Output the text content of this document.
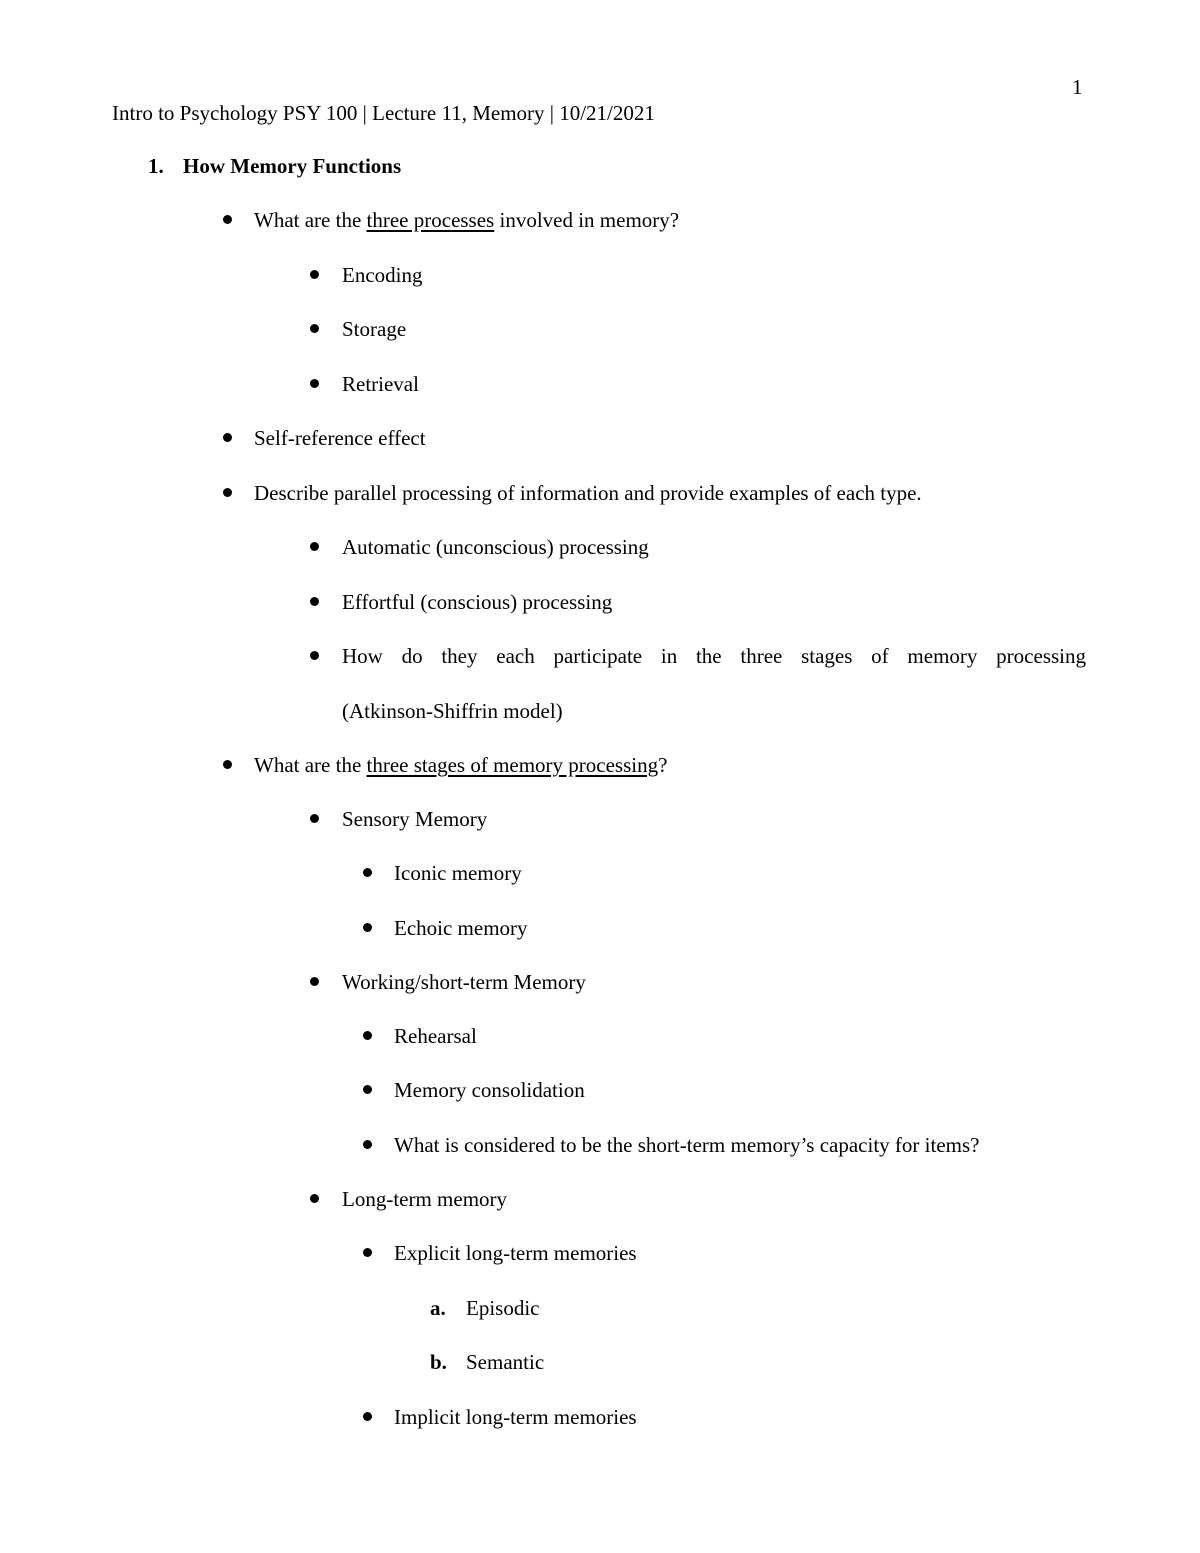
1
Intro to Psychology PSY 100 | Lecture 11, Memory | 10/21/2021
1. How Memory Functions
What are the three processes involved in memory?
Encoding
Storage
Retrieval
Self-reference effect
Describe parallel processing of information and provide examples of each type.
Automatic (unconscious) processing
Effortful (conscious) processing
How do they each participate in the three stages of memory processing
(Atkinson-Shiffrin model)
What are the three stages of memory processing?
Sensory Memory
Iconic memory
Echoic memory
Working/short-term Memory
Rehearsal
Memory consolidation
What is considered to be the short-term memory’s capacity for items?
Long-term memory
Explicit long-term memories
a. Episodic
b. Semantic
Implicit long-term memories
